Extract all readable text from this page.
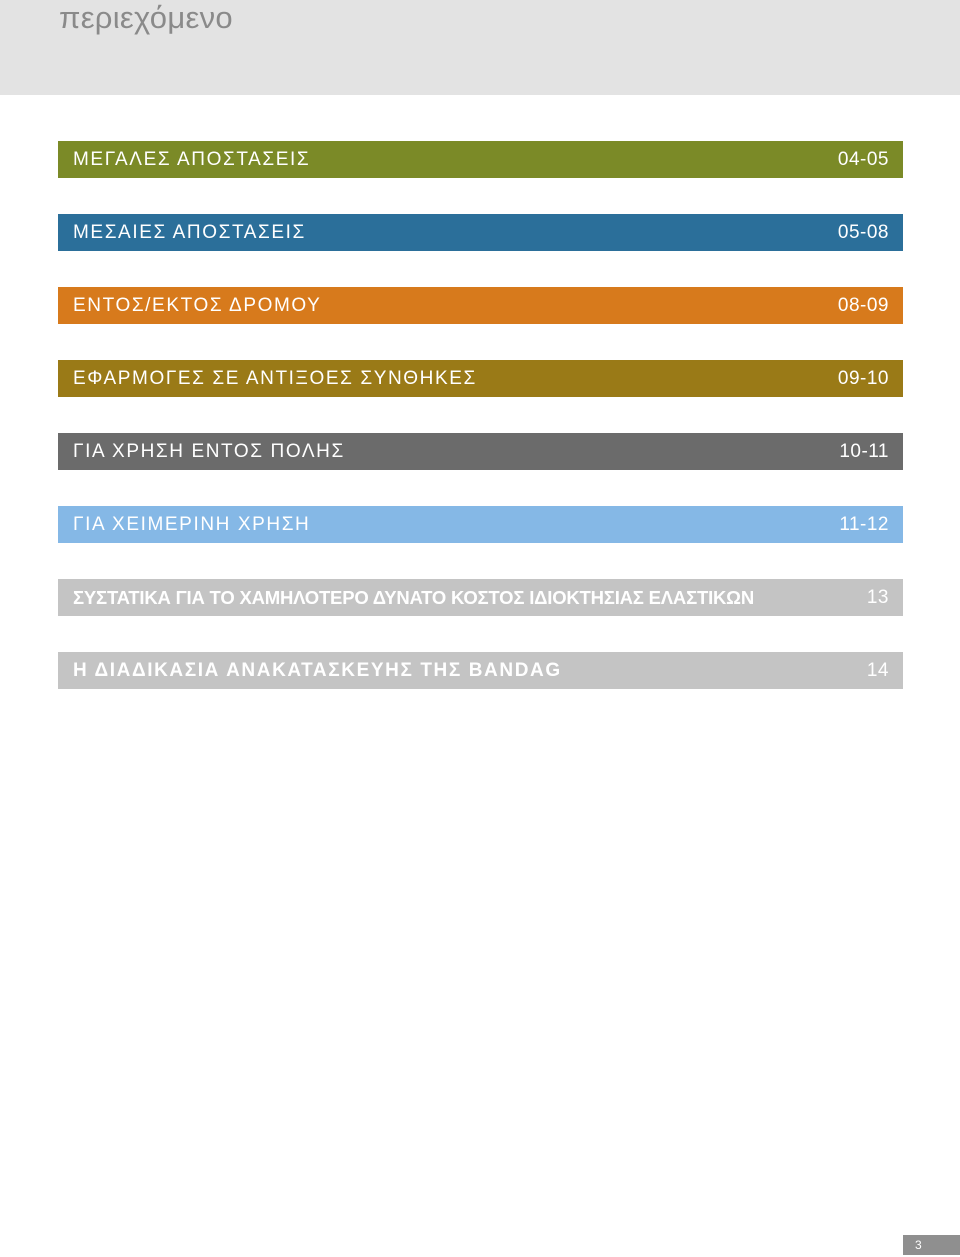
περιεχόμενο
ΜΕΓΑΛΕΣ ΑΠΟΣΤΑΣΕΙΣ	04-05
ΜΕΣΑΙΕΣ ΑΠΟΣΤΑΣΕΙΣ	05-08
ΕΝΤΟΣ/ΕΚΤΟΣ ΔΡΟΜΟΥ	08-09
ΕΦΑΡΜΟΓΕΣ ΣΕ ΑΝΤΙΞΟΕΣ ΣΥΝΘΗΚΕΣ	09-10
ΓΙΑ ΧΡΗΣΗ ΕΝΤΟΣ ΠΟΛΗΣ	10-11
ΓΙΑ ΧΕΙΜΕΡΙΝΗ ΧΡΗΣΗ	11-12
ΣΥΣΤΑΤΙΚΑ ΓΙΑ ΤΟ ΧΑΜΗΛΟΤΕΡΟ ΔΥΝΑΤΟ ΚΟΣΤΟΣ ΙΔΙΟΚΤΗΣΙΑΣ ΕΛΑΣΤΙΚΩΝ	13
Η ΔΙΑΔΙΚΑΣΙΑ ΑΝΑΚΑΤΑΣΚΕΥΗΣ ΤΗΣ BANDAG	14
3
